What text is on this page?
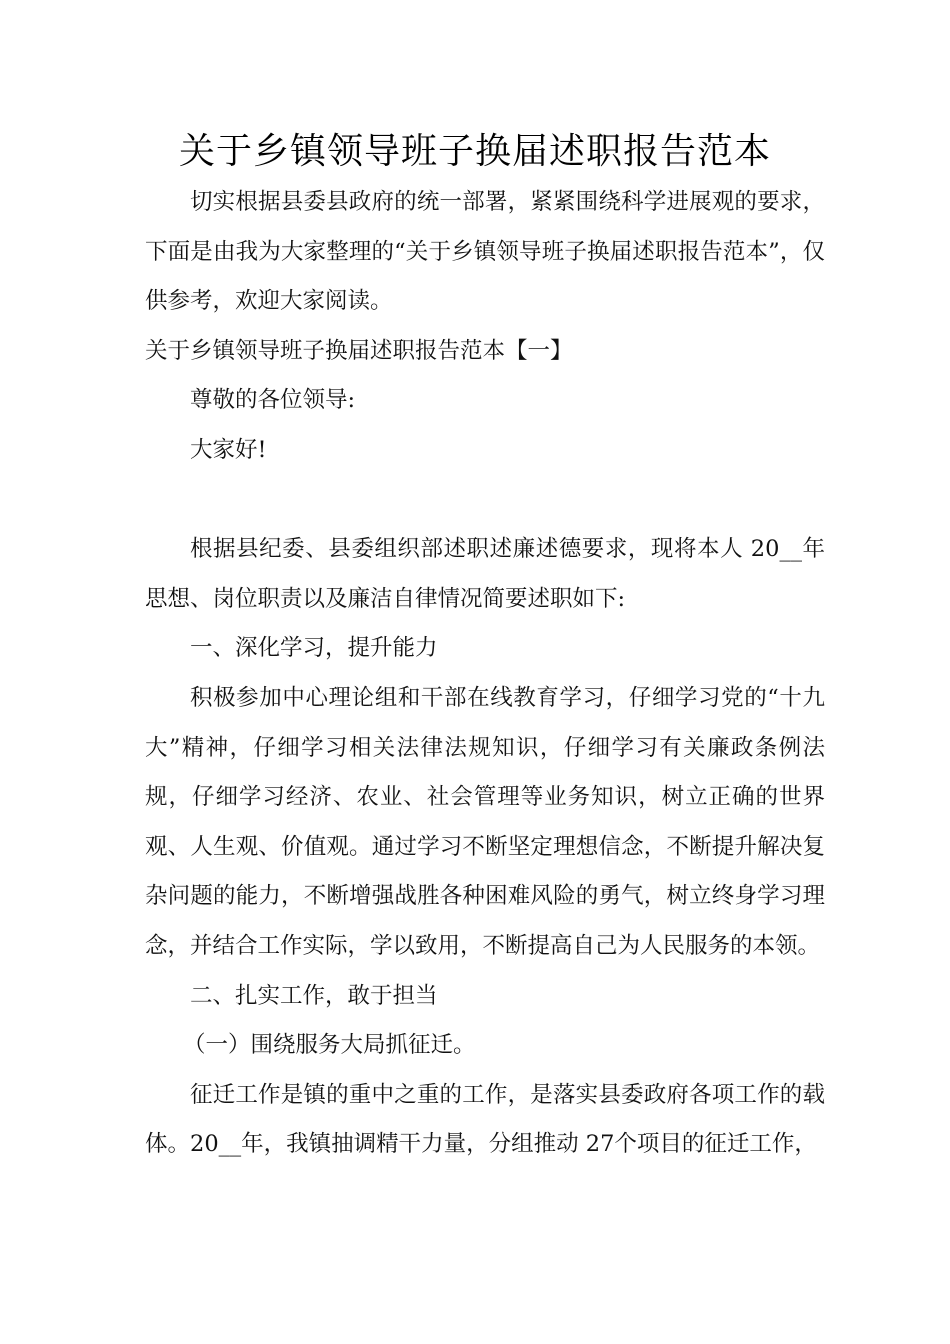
关于乡镇领导班子换届述职报告范本

切实根据县委县政府的统一部署，紧紧围绕科学进展观的要求，下面是由我为大家整理的“关于乡镇领导班子换届述职报告范本”，仅供参考，欢迎大家阅读。

关于乡镇领导班子换届述职报告范本【一】

尊敬的各位领导:

大家好!

根据县纪委、县委组织部述职述廉述德要求，现将本人 20__年思想、岗位职责以及廉洁自律情况简要述职如下:

一、深化学习，提升能力

积极参加中心理论组和干部在线教育学习，仔细学习党的“十九大”精神，仔细学习相关法律法规知识，仔细学习有关廉政条例法规，仔细学习经济、农业、社会管理等业务知识，树立正确的世界观、人生观、价值观。通过学习不断坚定理想信念，不断提升解决复杂问题的能力，不断增强战胜各种困难风险的勇气，树立终身学习理念，并结合工作实际，学以致用，不断提高自己为人民服务的本领。

二、扎实工作，敢于担当

（一）围绕服务大局抓征迁。

征迁工作是镇的重中之重的工作，是落实县委政府各项工作的载体。20__年，我镇抽调精干力量，分组推动 27个项目的征迁工作，
